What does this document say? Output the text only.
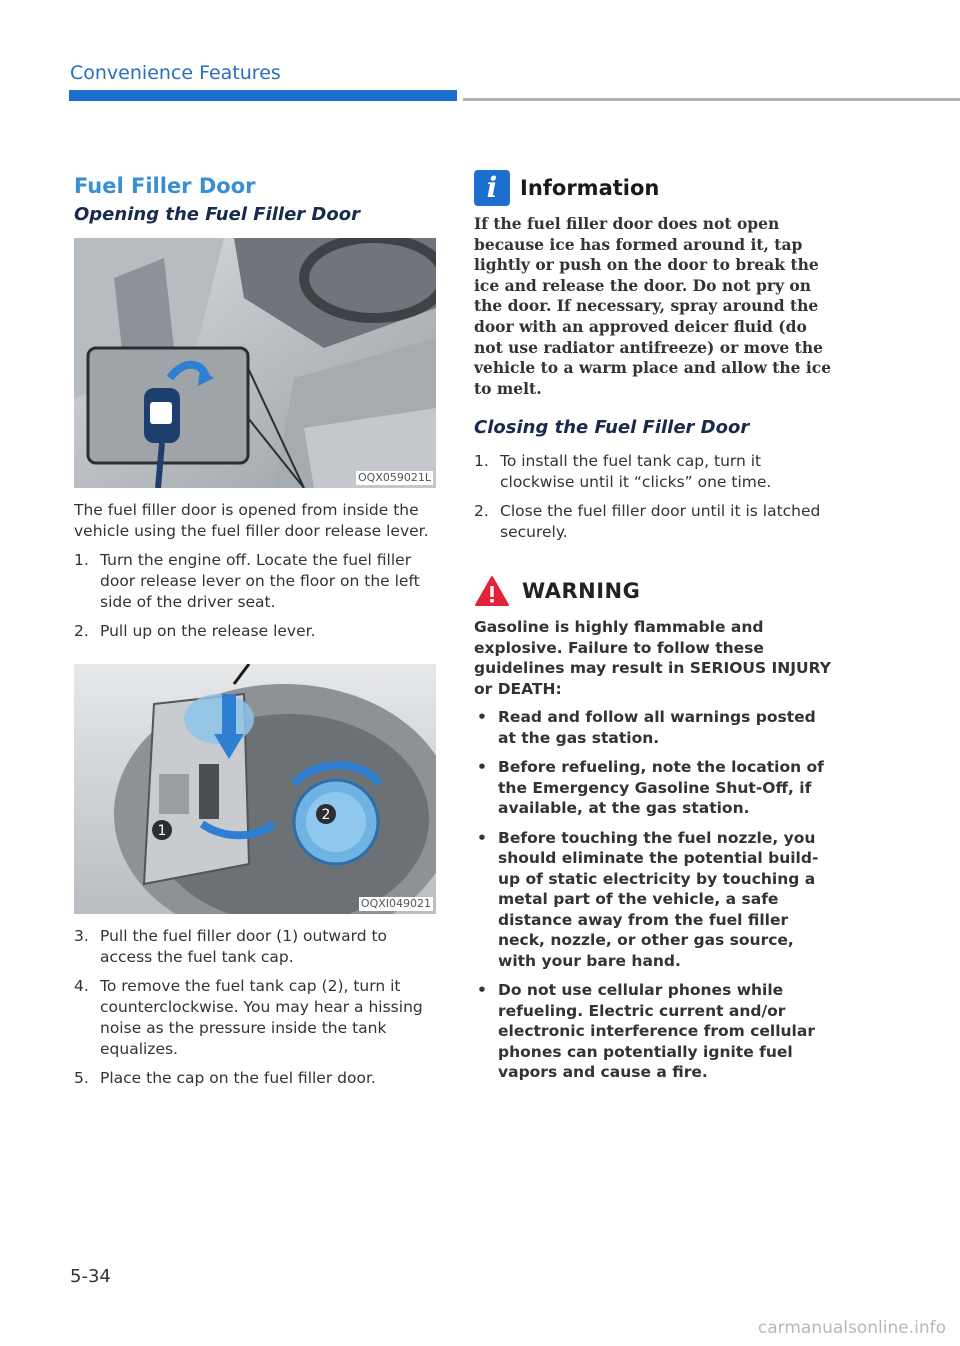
Convenience Features
Fuel Filler Door
Opening the Fuel Filler Door
OQX059021L

The fuel filler door is opened from inside the vehicle using the fuel filler door release lever.

1. Turn the engine off. Locate the fuel filler door release lever on the floor on the left side of the driver seat.
2. Pull up on the release lever.
1
2
OQXI049021
3. Pull the fuel filler door (1) outward to access the fuel tank cap.
4. To remove the fuel tank cap (2), turn it counterclockwise. You may hear a hissing noise as the pressure inside the tank equalizes.
5. Place the cap on the fuel filler door.
i	Information

If the fuel filler door does not open because ice has formed around it, tap lightly or push on the door to break the ice and release the door. Do not pry on the door. If necessary, spray around the door with an approved deicer fluid (do not use radiator antifreeze) or move the vehicle to a warm place and allow the ice to melt.

Closing the Fuel Filler Door
1. To install the fuel tank cap, turn it clockwise until it “clicks” one time.
2. Close the fuel filler door until it is latched securely.
WARNING

Gasoline is highly flammable and explosive. Failure to follow these guidelines may result in SERIOUS INJURY or DEATH:

• Read and follow all warnings posted at the gas station.
• Before refueling, note the location of the Emergency Gasoline Shut-Off, if available, at the gas station.
• Before touching the fuel nozzle, you should eliminate the potential build-up of static electricity by touching a metal part of the vehicle, a safe distance away from the fuel filler neck, nozzle, or other gas source, with your bare hand.
• Do not use cellular phones while refueling. Electric current and/or electronic interference from cellular phones can potentially ignite fuel vapors and cause a fire.
5-34
carmanualsonline.info
